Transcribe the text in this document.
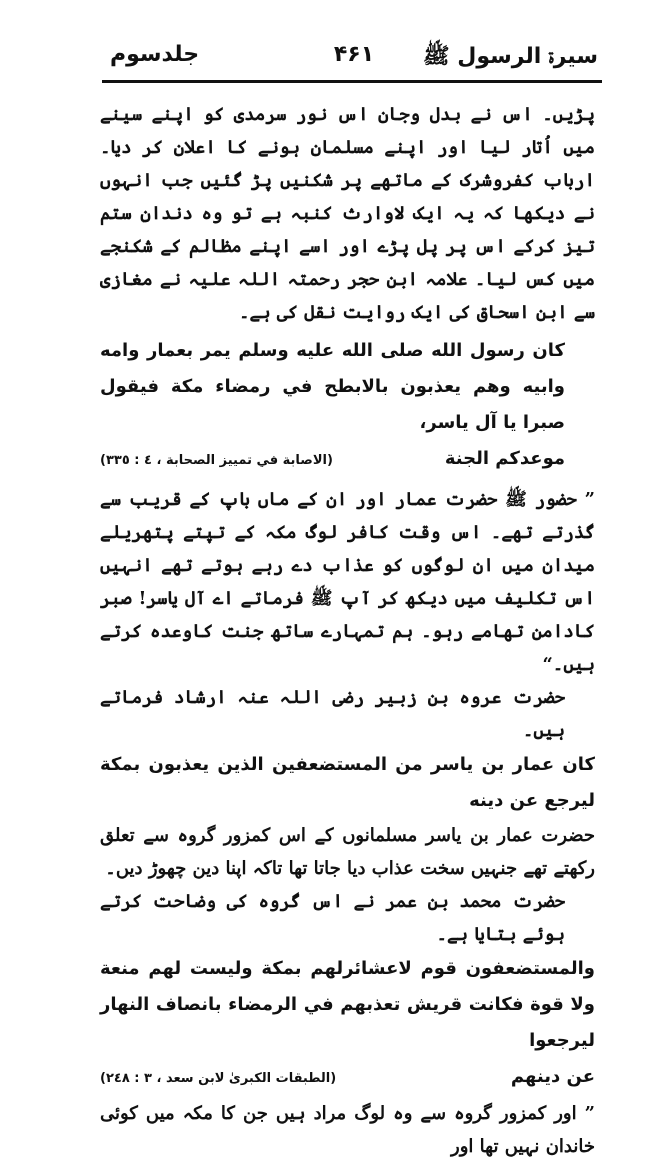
سیرۃ الرسول ﷺ
۴۶۱
جلدسوم
پڑیں۔ اس نے بدل وجان اس نور سرمدی کو اپنے سینے میں اُتار لیا اور اپنے مسلمان ہونے کا اعلان کر دیا۔ ارباب کفروشرک کے ماتھے پر شکنیں پڑ گئیں جب انہوں نے دیکھا کہ یہ ایک لاوارث کنبہ ہے تو وہ دندانِ ستم تیز کرکے اس پر پل پڑے اور اسے اپنے مظالم کے شکنجے میں کس لیا۔ علامہ ابن حجر رحمتہ اللہ علیہ نے مغازی سے ابن اسحاق کی ایک روایت نقل کی ہے۔
كان رسول الله صلى الله عليه وسلم يمر بعمار وامه وابيه وهم يعذبون بالابطح في رمضاء مكة فيقول صبرا يا آل ياسر،
موعدكم الجنة
(الاصابة في تمييز الصحابة ، ٤ : ٣٣٥)
” حضور ﷺ حضرت عمار اور ان کے ماں باپ کے قریب سے گذرتے تھے۔ اس وقت کافر لوگ مکہ کے تپتے پتھریلے میدان میں ان لوگوں کو عذاب دے رہے ہوتے تھے انہیں اس تکلیف میں دیکھ کر آپ ﷺ فرماتے اے آل یاسر! صبر کادامن تھامے رہو۔ ہم تمہارے ساتھ جنت کاوعدہ کرتے ہیں۔“
حضرت عروہ بن زبیر رضی اللہ عنہ ارشاد فرماتے ہیں۔
كان عمار بن ياسر من المستضعفين الذين يعذبون بمكة ليرجع عن دينه
حضرت عمار بن یاسر مسلمانوں کے اس کمزور گروہ سے تعلق رکھتے تھے جنہیں سخت عذاب دیا جاتا تھا تاکہ اپنا دین چھوڑ دیں۔
حضرت محمد بن عمر نے اس گروہ کی وضاحت کرتے ہوئے بتایا ہے۔
والمستضعفون قوم لاعشائرلهم بمكة وليست لهم منعة ولا قوة فكانت قريش تعذبهم في الرمضاء بانصاف النهار ليرجعوا
عن دينهم
(الطبقات الكبرىٰ لابن سعد ، ٣ : ٢٤٨)
” اور کمزور گروہ سے وہ لوگ مراد ہیں جن کا مکہ میں کوئی خاندان نہیں تھا اور
